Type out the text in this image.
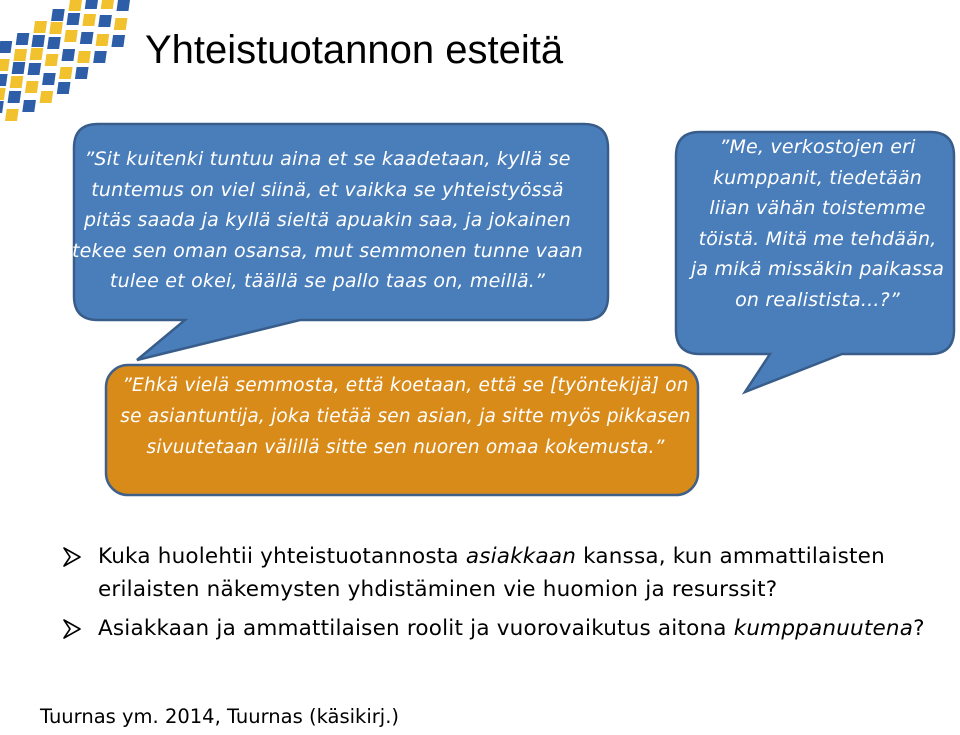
Yhteistuotannon esteitä
”Sit kuitenki tuntuu aina et se kaadetaan, kyllä se tuntemus on viel siinä, et vaikka se yhteistyössä pitäs saada ja kyllä sieltä apuakin saa, ja jokainen tekee sen oman osansa, mut semmonen tunne vaan tulee et okei, täällä se pallo taas on, meillä.”
”Me, verkostojen eri kumppanit, tiedetään liian vähän toistemme töistä. Mitä me tehdään, ja mikä missäkin paikassa on realistista...?”
”Ehkä vielä semmosta, että koetaan, että se [työntekijä] on se asiantuntija, joka tietää sen asian, ja sitte myös pikkasen sivuutetaan välillä sitte sen nuoren omaa kokemusta.”
Kuka huolehtii yhteistuotannosta asiakkaan kanssa, kun ammattilaisten erilaisten näkemysten yhdistäminen vie huomion ja resurssit?
Asiakkaan ja ammattilaisen roolit ja vuorovaikutus aitona kumppanuutena?
Tuurnas ym. 2014, Tuurnas (käsikirj.)
